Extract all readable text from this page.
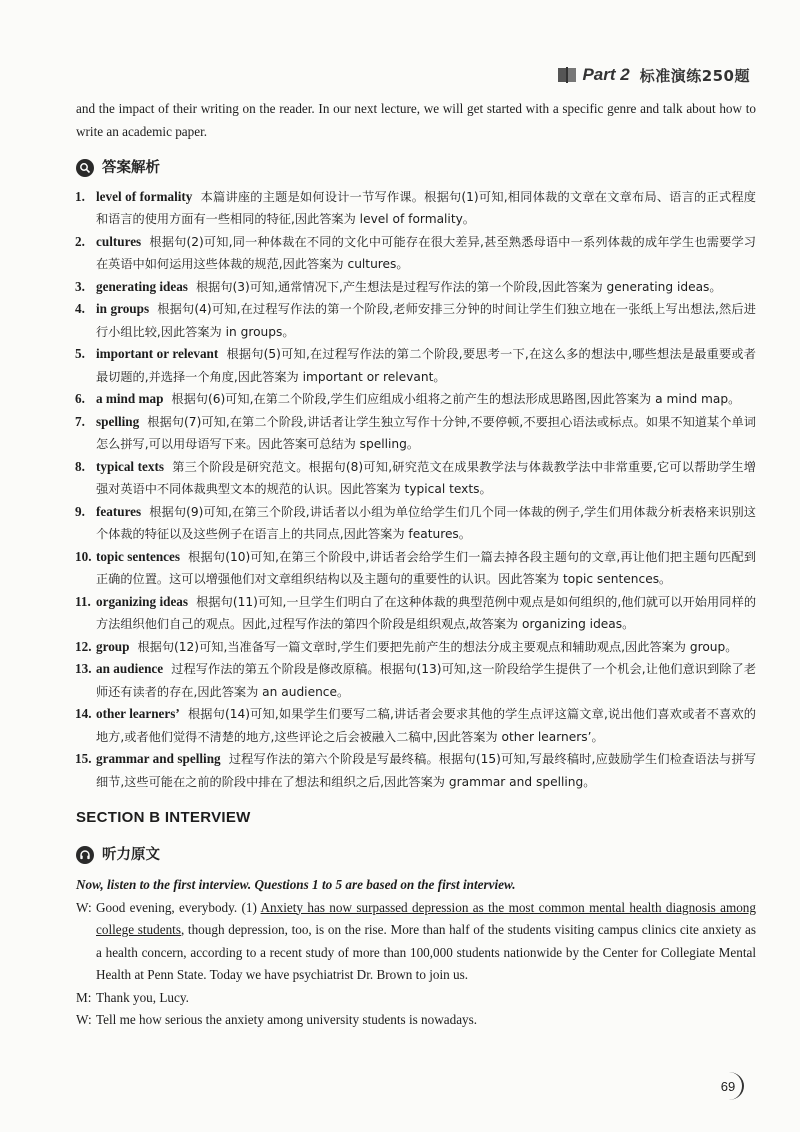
Part 2 标准演练250题

and the impact of their writing on the reader. In our next lecture, we will get started with a specific genre and talk about how to write an academic paper.

答案解析
1. level of formality 本篇讲座的主题是如何设计一节写作课。根据句(1)可知,相同体裁的文章在文章布局、语言的正式程度和语言的使用方面有一些相同的特征,因此答案为 level of formality。
2. cultures 根据句(2)可知,同一种体裁在不同的文化中可能存在很大差异,甚至熟悉母语中一系列体裁的成年学生也需要学习在英语中如何运用这些体裁的规范,因此答案为 cultures。
3. generating ideas 根据句(3)可知,通常情况下,产生想法是过程写作法的第一个阶段,因此答案为 generating ideas。
4. in groups 根据句(4)可知,在过程写作法的第一个阶段,老师安排三分钟的时间让学生们独立地在一张纸上写出想法,然后进行小组比较,因此答案为 in groups。
5. important or relevant 根据句(5)可知,在过程写作法的第二个阶段,要思考一下,在这么多的想法中,哪些想法是最重要或者最切题的,并选择一个角度,因此答案为 important or relevant。
6. a mind map 根据句(6)可知,在第二个阶段,学生们应组成小组将之前产生的想法形成思路图,因此答案为 a mind map。
7. spelling 根据句(7)可知,在第二个阶段,讲话者让学生独立写作十分钟,不要停顿,不要担心语法或标点。如果不知道某个单词怎么拼写,可以用母语写下来。因此答案可总结为 spelling。
8. typical texts 第三个阶段是研究范文。根据句(8)可知,研究范文在成果教学法与体裁教学法中非常重要,它可以帮助学生增强对英语中不同体裁典型文本的规范的认识。因此答案为 typical texts。
9. features 根据句(9)可知,在第三个阶段,讲话者以小组为单位给学生们几个同一体裁的例子,学生们用体裁分析表格来识别这个体裁的特征以及这些例子在语言上的共同点,因此答案为 features。
10. topic sentences 根据句(10)可知,在第三个阶段中,讲话者会给学生们一篇去掉各段主题句的文章,再让他们把主题句匹配到正确的位置。这可以增强他们对文章组织结构以及主题句的重要性的认识。因此答案为 topic sentences。
11. organizing ideas 根据句(11)可知,一旦学生们明白了在这种体裁的典型范例中观点是如何组织的,他们就可以开始用同样的方法组织他们自己的观点。因此,过程写作法的第四个阶段是组织观点,故答案为 organizing ideas。
12. group 根据句(12)可知,当准备写一篇文章时,学生们要把先前产生的想法分成主要观点和辅助观点,因此答案为 group。
13. an audience 过程写作法的第五个阶段是修改原稿。根据句(13)可知,这一阶段给学生提供了一个机会,让他们意识到除了老师还有读者的存在,因此答案为 an audience。
14. other learners’ 根据句(14)可知,如果学生们要写二稿,讲话者会要求其他的学生点评这篇文章,说出他们喜欢或者不喜欢的地方,或者他们觉得不清楚的地方,这些评论之后会被融入二稿中,因此答案为 other learners’。
15. grammar and spelling 过程写作法的第六个阶段是写最终稿。根据句(15)可知,写最终稿时,应鼓励学生们检查语法与拼写细节,这些可能在之前的阶段中排在了想法和组织之后,因此答案为 grammar and spelling。
SECTION B INTERVIEW
听力原文

Now, listen to the first interview. Questions 1 to 5 are based on the first interview.

W: Good evening, everybody. (1) Anxiety has now surpassed depression as the most common mental health diagnosis among college students, though depression, too, is on the rise. More than half of the students visiting campus clinics cite anxiety as a health concern, according to a recent study of more than 100,000 students nationwide by the Center for Collegiate Mental Health at Penn State. Today we have psychiatrist Dr. Brown to join us.
M: Thank you, Lucy.
W: Tell me how serious the anxiety among university students is nowadays.
69
